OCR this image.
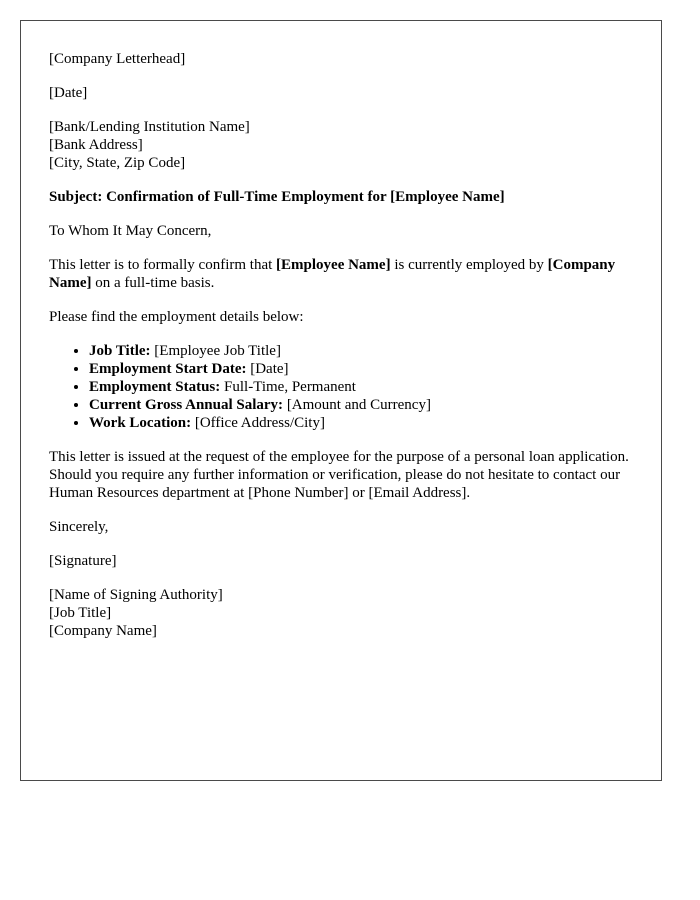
[Company Letterhead]

[Date]

[Bank/Lending Institution Name]
[Bank Address]
[City, State, Zip Code]

Subject: Confirmation of Full-Time Employment for [Employee Name]

To Whom It May Concern,

This letter is to formally confirm that [Employee Name] is currently employed by [Company Name] on a full-time basis.

Please find the employment details below:

• Job Title: [Employee Job Title]
• Employment Start Date: [Date]
• Employment Status: Full-Time, Permanent
• Current Gross Annual Salary: [Amount and Currency]
• Work Location: [Office Address/City]

This letter is issued at the request of the employee for the purpose of a personal loan application. Should you require any further information or verification, please do not hesitate to contact our Human Resources department at [Phone Number] or [Email Address].

Sincerely,

[Signature]

[Name of Signing Authority]
[Job Title]
[Company Name]
